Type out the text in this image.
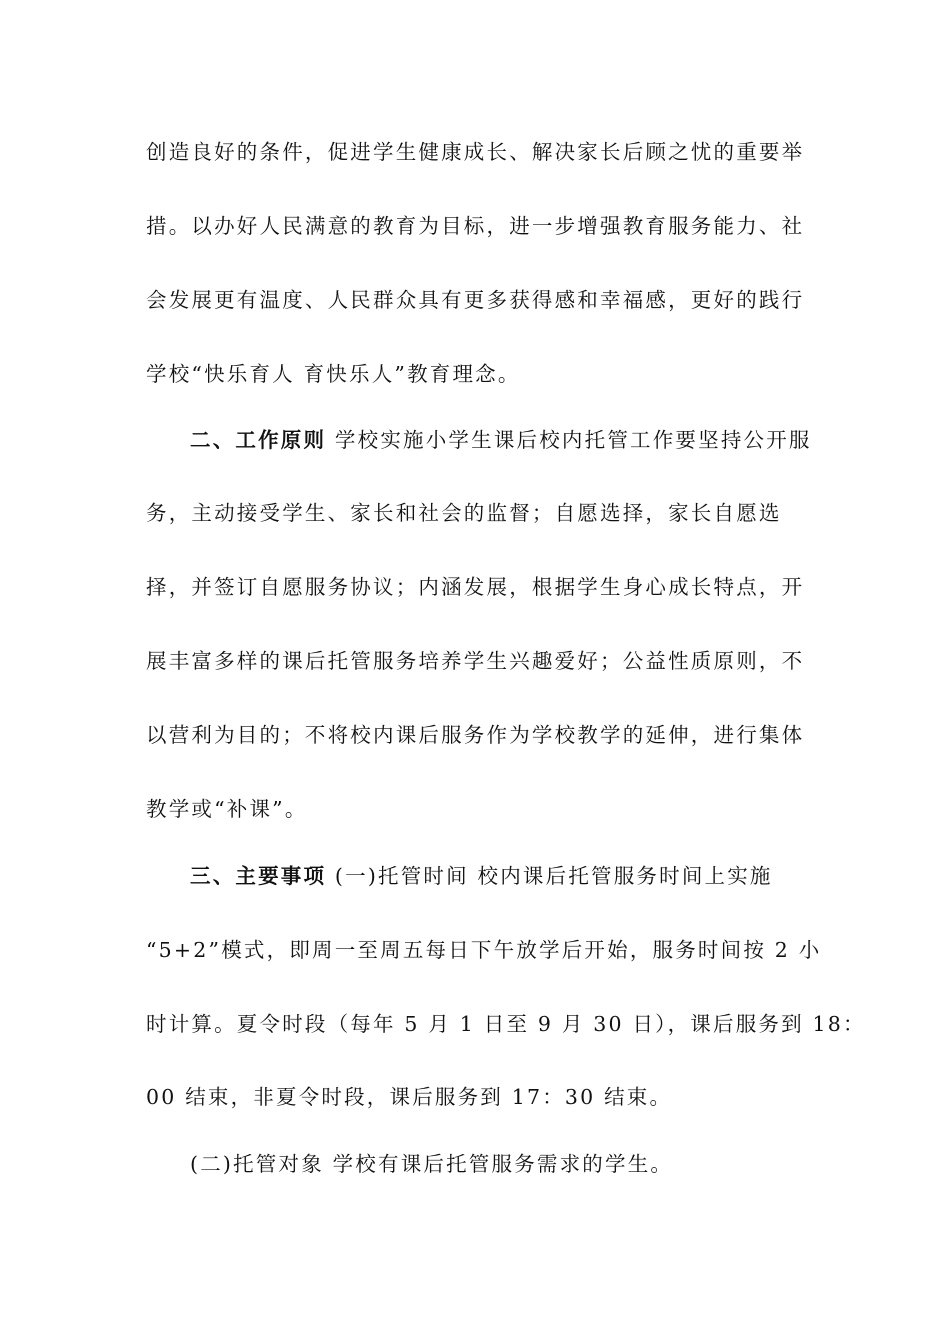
创造良好的条件，促进学生健康成长、解决家长后顾之忧的重要举

措。以办好人民满意的教育为目标，进一步增强教育服务能力、社

会发展更有温度、人民群众具有更多获得感和幸福感，更好的践行

学校“快乐育人 育快乐人”教育理念。

二、工作原则 学校实施小学生课后校内托管工作要坚持公开服

务，主动接受学生、家长和社会的监督；自愿选择，家长自愿选

择，并签订自愿服务协议；内涵发展，根据学生身心成长特点，开

展丰富多样的课后托管服务培养学生兴趣爱好；公益性质原则，不

以营利为目的；不将校内课后服务作为学校教学的延伸，进行集体

教学或“补课”。

三、主要事项 (一)托管时间 校内课后托管服务时间上实施

“5+2”模式，即周一至周五每日下午放学后开始，服务时间按 2 小

时计算。夏令时段（每年 5 月 1 日至 9 月 30 日），课后服务到 18：

00 结束，非夏令时段，课后服务到 17：30 结束。

(二)托管对象 学校有课后托管服务需求的学生。
